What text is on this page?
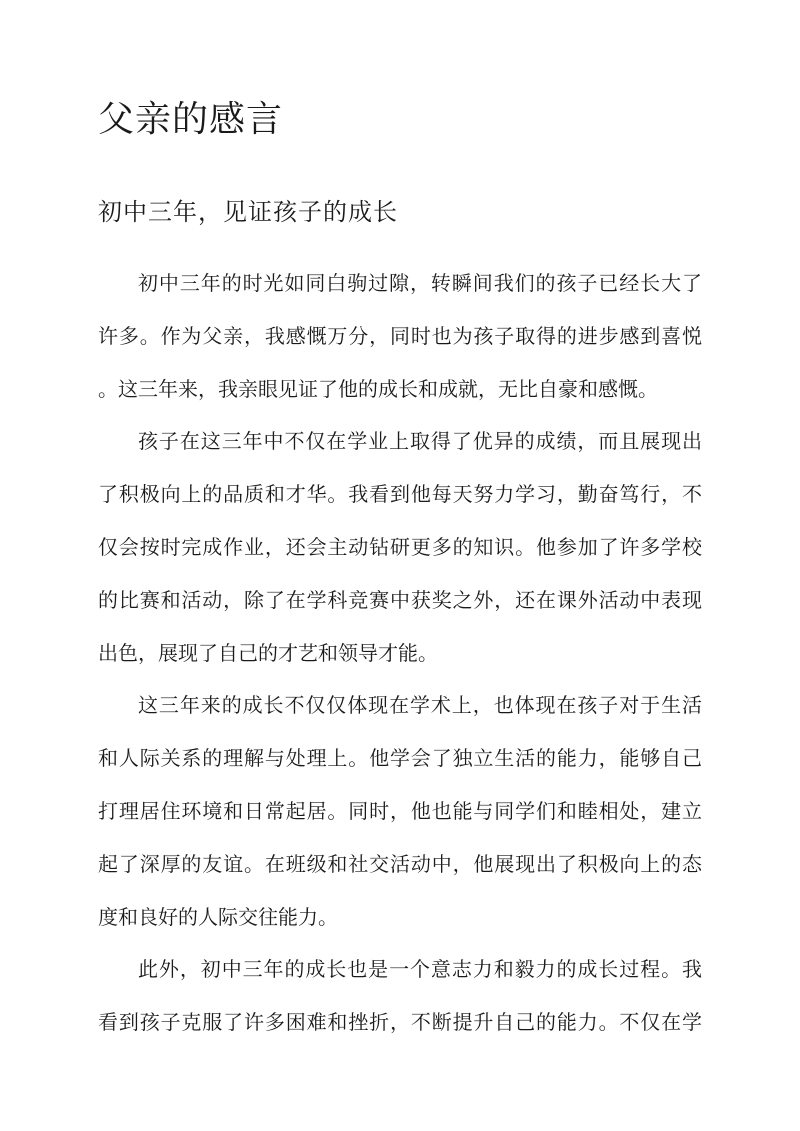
父亲的感言
初中三年，见证孩子的成长
初中三年的时光如同白驹过隙，转瞬间我们的孩子已经长大了
许多。作为父亲，我感慨万分，同时也为孩子取得的进步感到喜悦
。这三年来，我亲眼见证了他的成长和成就，无比自豪和感慨。
孩子在这三年中不仅在学业上取得了优异的成绩，而且展现出
了积极向上的品质和才华。我看到他每天努力学习，勤奋笃行，不
仅会按时完成作业，还会主动钻研更多的知识。他参加了许多学校
的比赛和活动，除了在学科竞赛中获奖之外，还在课外活动中表现
出色，展现了自己的才艺和领导才能。
这三年来的成长不仅仅体现在学术上，也体现在孩子对于生活
和人际关系的理解与处理上。他学会了独立生活的能力，能够自己
打理居住环境和日常起居。同时，他也能与同学们和睦相处，建立
起了深厚的友谊。在班级和社交活动中，他展现出了积极向上的态
度和良好的人际交往能力。
此外，初中三年的成长也是一个意志力和毅力的成长过程。我
看到孩子克服了许多困难和挫折，不断提升自己的能力。不仅在学
